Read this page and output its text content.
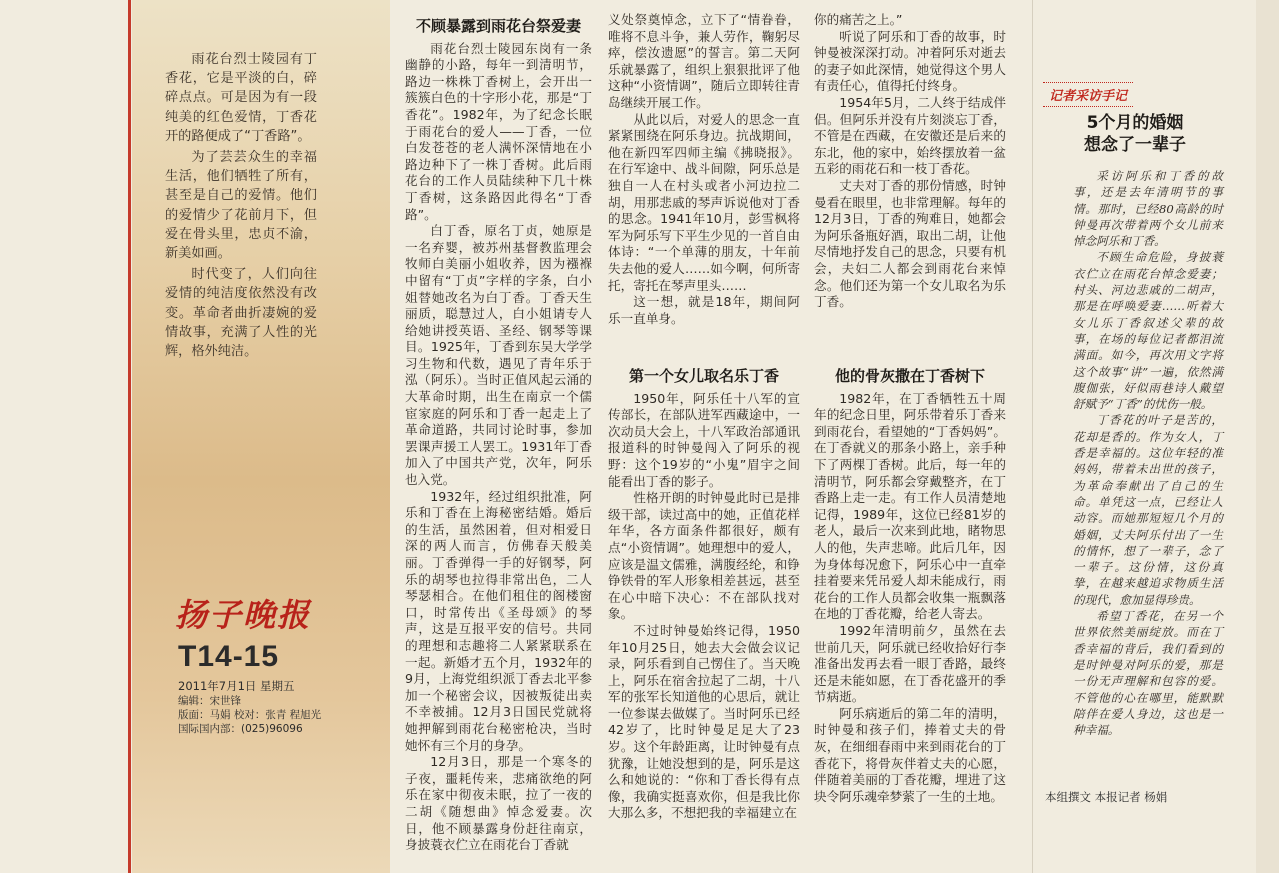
雨花台烈士陵园有丁香花，它是平淡的白，碎碎点点。可是因为有一段纯美的红色爱情，丁香花开的路便成了“丁香路”。

为了芸芸众生的幸福生活，他们牺牲了所有，甚至是自己的爱情。他们的爱情少了花前月下，但爱在骨头里，忠贞不渝，新美如画。

时代变了，人们向往爱情的纯洁度依然没有改变。革命者曲折凄婉的爱情故事，充满了人性的光辉，格外纯洁。

扬子晚报
T14-15
2011年7月1日 星期五
编辑：宋世锋
版面：马娟 校对：张青 程旭光
国际国内部：(025)96096
不顾暴露到雨花台祭爱妻

雨花台烈士陵园东岗有一条幽静的小路，每年一到清明节，路边一株株丁香树上，会开出一簇簇白色的十字形小花，那是“丁香花”。1982年，为了纪念长眠于雨花台的爱人——丁香，一位白发苍苍的老人满怀深情地在小路边种下了一株丁香树。此后雨花台的工作人员陆续种下几十株丁香树，这条路因此得名“丁香路”。

白丁香，原名丁贞，她原是一名弃婴，被苏州基督教监理会牧师白美丽小姐收养，因为襁褓中留有“丁贞”字样的字条，白小姐替她改名为白丁香。丁香天生丽质，聪慧过人，白小姐请专人给她讲授英语、圣经、钢琴等课目。1925年，丁香到东吴大学学习生物和代数，遇见了青年乐于泓（阿乐）。当时正值风起云涌的大革命时期，出生在南京一个儒宦家庭的阿乐和丁香一起走上了革命道路，共同讨论时事，参加罢课声援工人罢工。1931年丁香加入了中国共产党，次年，阿乐也入党。

1932年，经过组织批准，阿乐和丁香在上海秘密结婚。婚后的生活，虽然困着，但对相爱日深的两人而言，仿佛春天般美丽。丁香弹得一手的好钢琴，阿乐的胡琴也拉得非常出色，二人琴瑟相合。在他们租住的阁楼窗口，时常传出《圣母颂》的琴声，这是互报平安的信号。共同的理想和志趣将二人紧紧联系在一起。新婚才五个月，1932年的9月，上海党组织派丁香去北平参加一个秘密会议，因被叛徒出卖不幸被捕。12月3日国民党就将她押解到雨花台秘密枪决，当时她怀有三个月的身孕。

12月3日，那是一个寒冬的子夜，噩耗传来，悲痛欲绝的阿乐在家中彻夜未眠，拉了一夜的二胡《随想曲》悼念爱妻。次日，他不顾暴露身份赶往南京，身披蓑衣伫立在雨花台丁香就

义处祭奠悼念，立下了“情眷眷，唯将不息斗争，兼人劳作，鞠躬尽瘁，偿汝遗愿”的誓言。第二天阿乐就暴露了，组织上狠狠批评了他这种“小资情调”，随后立即转往青岛继续开展工作。

从此以后，对爱人的思念一直紧紧围绕在阿乐身边。抗战期间，他在新四军四师主编《拂晓报》。在行军途中、战斗间隙，阿乐总是独自一人在村头或者小河边拉二胡，用那悲戚的琴声诉说他对丁香的思念。1941年10月，彭雪枫将军为阿乐写下平生少见的一首自由体诗：“一个单薄的朋友，十年前失去他的爱人……如今啊，何所寄托，寄托在琴声里头……

这一想，就是18年，期间阿乐一直单身。

第一个女儿取名乐丁香

1950年，阿乐任十八军的宣传部长，在部队进军西藏途中，一次动员大会上，十八军政治部通讯报道科的时钟曼闯入了阿乐的视野：这个19岁的“小鬼”眉宇之间能看出丁香的影子。

性格开朗的时钟曼此时已是排级干部，读过高中的她，正值花样年华，各方面条件都很好，颇有点“小资情调”。她理想中的爱人，应该是温文儒雅，满腹经纶，和铮铮铁骨的军人形象相差甚远，甚至在心中暗下决心：不在部队找对象。

不过时钟曼始终记得，1950年10月25日，她去大会做会议记录，阿乐看到自己愣住了。当天晚上，阿乐在宿舍拉起了二胡，十八军的张军长知道他的心思后，就让一位参谋去做媒了。当时阿乐已经42岁了，比时钟曼足足大了23岁。这个年龄距离，让时钟曼有点犹豫，让她没想到的是，阿乐是这么和她说的：“你和丁香长得有点像，我确实挺喜欢你，但是我比你大那么多，不想把我的幸福建立在

你的痛苦之上。”

听说了阿乐和丁香的故事，时钟曼被深深打动。冲着阿乐对逝去的妻子如此深情，她觉得这个男人有责任心，值得托付终身。

1954年5月，二人终于结成伴侣。但阿乐并没有片刻淡忘丁香，不管是在西藏，在安徽还是后来的东北，他的家中，始终摆放着一盆五彩的雨花石和一枝丁香花。

丈夫对丁香的那份情感，时钟曼看在眼里，也非常理解。每年的12月3日，丁香的殉难日，她都会为阿乐备瓶好酒，取出二胡，让他尽情地抒发自己的思念，只要有机会，夫妇二人都会到雨花台来悼念。他们还为第一个女儿取名为乐丁香。

他的骨灰撒在丁香树下

1982年，在丁香牺牲五十周年的纪念日里，阿乐带着乐丁香来到雨花台，看望她的“丁香妈妈”。在丁香就义的那条小路上，亲手种下了两棵丁香树。此后，每一年的清明节，阿乐都会穿戴整齐，在丁香路上走一走。有工作人员清楚地记得，1989年，这位已经81岁的老人，最后一次来到此地，睹物思人的他，失声悲啼。此后几年，因为身体每况愈下，阿乐心中一直牵挂着要来凭吊爱人却未能成行，雨花台的工作人员都会收集一瓶飘落在地的丁香花瓣，给老人寄去。

1992年清明前夕，虽然在去世前几天，阿乐就已经收拾好行李准备出发再去看一眼丁香路，最终还是未能如愿，在丁香花盛开的季节病逝。

阿乐病逝后的第二年的清明，时钟曼和孩子们，捧着丈夫的骨灰，在细细春雨中来到雨花台的丁香花下，将骨灰伴着丈夫的心愿，伴随着美丽的丁香花瓣，埋进了这块令阿乐魂牵梦萦了一生的土地。

记者采访手记
5个月的婚姻
想念了一辈子

采访阿乐和丁香的故事，还是去年清明节的事情。那时，已经80高龄的时钟曼再次带着两个女儿前来悼念阿乐和丁香。

不顾生命危险，身披蓑衣伫立在雨花台悼念爱妻；村头、河边悲戚的二胡声，那是在呼唤爱妻……听着大女儿乐丁香叙述父辈的故事，在场的每位记者都泪流满面。如今，再次用文字将这个故事“讲”一遍，依然满腹伽张，好似雨巷诗人戴望舒赋予“丁香”的忧伤一般。

丁香花的叶子是苦的，花却是香的。作为女人，丁香是幸福的。这位年轻的准妈妈，带着未出世的孩子，为革命奉献出了自己的生命。单凭这一点，已经让人动容。而她那短短几个月的婚姻，丈夫阿乐付出了一生的情怀，想了一辈子，念了一辈子。这份情，这份真挚，在越来越追求物质生活的现代，愈加显得珍贵。

希望丁香花，在另一个世界依然美丽绽放。而在丁香幸福的背后，我们看到的是时钟曼对阿乐的爱，那是一份无声理解和包容的爱。不管他的心在哪里，能默默陪伴在爱人身边，这也是一种幸福。

本组撰文 本报记者 杨娟
